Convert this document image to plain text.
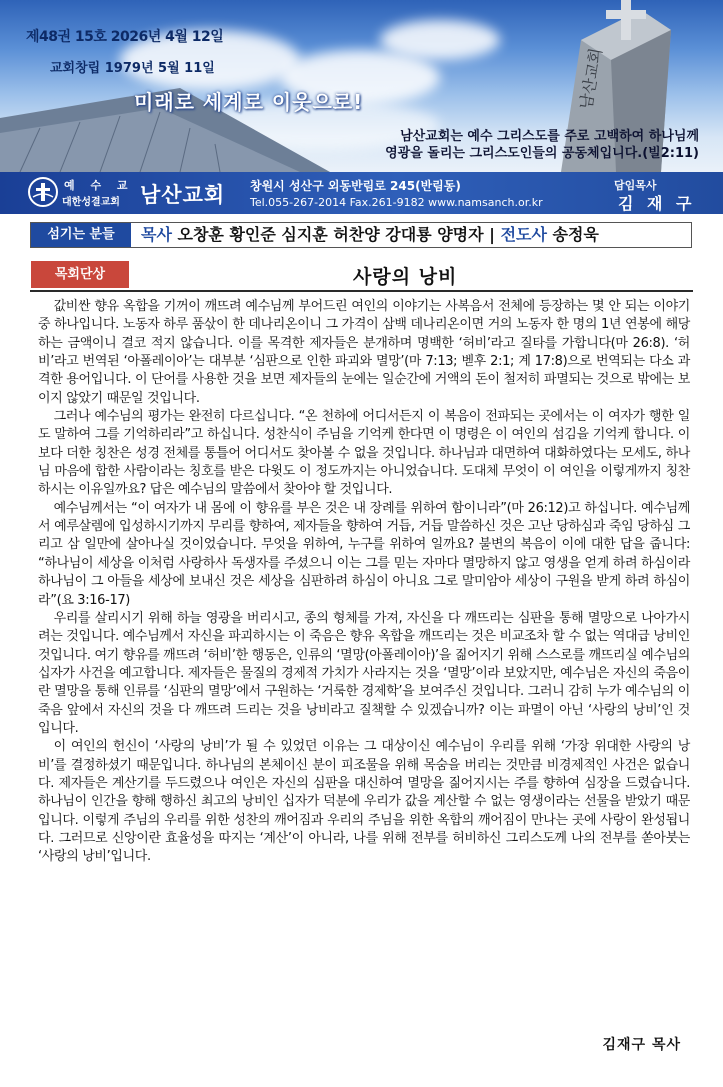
남산교회
제48권 15호 2026년 4월 12일
교회창립 1979년 5월 11일
미래로 세계로 이웃으로!
남산교회는 예수 그리스도를 주로 고백하여 하나님께
영광을 돌리는 그리스도인들의 공동체입니다.(빌2:11)
예 수 교
대한성결교회 남산교회 창원시 성산구 외동반림로 245(반림동)
Tel.055-267-2014 Fax.261-9182 www.namsanch.or.kr
담임목사
김 재 구
섬기는 분들	목사 오창훈 황인준 심지훈 허찬양 강대룡 양명자 | 전도사 송정욱
목회단상	사랑의 낭비

값비싼 향유 옥합을 기꺼이 깨뜨려 예수님께 부어드린 여인의 이야기는 사복음서 전체에 등장하는 몇 안 되는 이야기 중 하나입니다. 노동자 하루 품삯이 한 데나리온이니 그 가격이 삼백 데나리온이면 거의 노동자 한 명의 1년 연봉에 해당하는 금액이니 결코 적지 않습니다. 이를 목격한 제자들은 분개하며 명백한 ‘허비’라고 질타를 가합니다(마 26:8). ‘허비’라고 번역된 ‘아폴레이아’는 대부분 ‘심판으로 인한 파괴와 멸망’(마 7:13; 벧후 2:1; 계 17:8)으로 번역되는 다소 과격한 용어입니다. 이 단어를 사용한 것을 보면 제자들의 눈에는 일순간에 거액의 돈이 철저히 파멸되는 것으로 밖에는 보이지 않았기 때문일 것입니다.

그러나 예수님의 평가는 완전히 다르십니다. “온 천하에 어디서든지 이 복음이 전파되는 곳에서는 이 여자가 행한 일도 말하여 그를 기억하리라”고 하십니다. 성찬식이 주님을 기억케 한다면 이 명령은 이 여인의 섬김을 기억케 합니다. 이보다 더한 칭찬은 성경 전체를 통틀어 어디서도 찾아볼 수 없을 것입니다. 하나님과 대면하여 대화하였다는 모세도, 하나님 마음에 합한 사람이라는 칭호를 받은 다윗도 이 정도까지는 아니었습니다. 도대체 무엇이 이 여인을 이렇게까지 칭찬하시는 이유일까요? 답은 예수님의 말씀에서 찾아야 할 것입니다.

예수님께서는 “이 여자가 내 몸에 이 향유를 부은 것은 내 장례를 위하여 함이니라”(마 26:12)고 하십니다. 예수님께서 예루살렘에 입성하시기까지 무리를 향하여, 제자들을 향하여 거듭, 거듭 말씀하신 것은 고난 당하심과 죽임 당하심 그리고 삼 일만에 살아나실 것이었습니다. 무엇을 위하여, 누구를 위하여 일까요? 불변의 복음이 이에 대한 답을 줍니다: “하나님이 세상을 이처럼 사랑하사 독생자를 주셨으니 이는 그를 믿는 자마다 멸망하지 않고 영생을 얻게 하려 하심이라 하나님이 그 아들을 세상에 보내신 것은 세상을 심판하려 하심이 아니요 그로 말미암아 세상이 구원을 받게 하려 하심이라”(요 3:16-17)

우리를 살리시기 위해 하늘 영광을 버리시고, 종의 형체를 가져, 자신을 다 깨뜨리는 심판을 통해 멸망으로 나아가시려는 것입니다. 예수님께서 자신을 파괴하시는 이 죽음은 향유 옥합을 깨뜨리는 것은 비교조차 할 수 없는 역대급 낭비인 것입니다. 여기 향유를 깨뜨려 ‘허비’한 행동은, 인류의 ‘멸망(아폴레이아)’을 짊어지기 위해 스스로를 깨뜨리실 예수님의 십자가 사건을 예고합니다. 제자들은 물질의 경제적 가치가 사라지는 것을 ‘멸망’이라 보았지만, 예수님은 자신의 죽음이란 멸망을 통해 인류를 ‘심판의 멸망’에서 구원하는 ‘거룩한 경제학’을 보여주신 것입니다. 그러니 감히 누가 예수님의 이 죽음 앞에서 자신의 것을 다 깨뜨려 드리는 것을 낭비라고 질책할 수 있겠습니까? 이는 파멸이 아닌 ‘사랑의 낭비’인 것입니다.

이 여인의 헌신이 ‘사랑의 낭비’가 될 수 있었던 이유는 그 대상이신 예수님이 우리를 위해 ‘가장 위대한 사랑의 낭비’를 결정하셨기 때문입니다. 하나님의 본체이신 분이 피조물을 위해 목숨을 버리는 것만큼 비경제적인 사건은 없습니다. 제자들은 계산기를 두드렸으나 여인은 자신의 심판을 대신하여 멸망을 짊어지시는 주를 향하여 심장을 드렸습니다. 하나님이 인간을 향해 행하신 최고의 낭비인 십자가 덕분에 우리가 값을 계산할 수 없는 영생이라는 선물을 받았기 때문입니다. 이렇게 주님의 우리를 위한 성찬의 깨어짐과 우리의 주님을 위한 옥합의 깨어짐이 만나는 곳에 사랑이 완성됩니다. 그러므로 신앙이란 효율성을 따지는 ‘계산’이 아니라, 나를 위해 전부를 허비하신 그리스도께 나의 전부를 쏟아붓는 ‘사랑의 낭비’입니다.

김재구 목사
